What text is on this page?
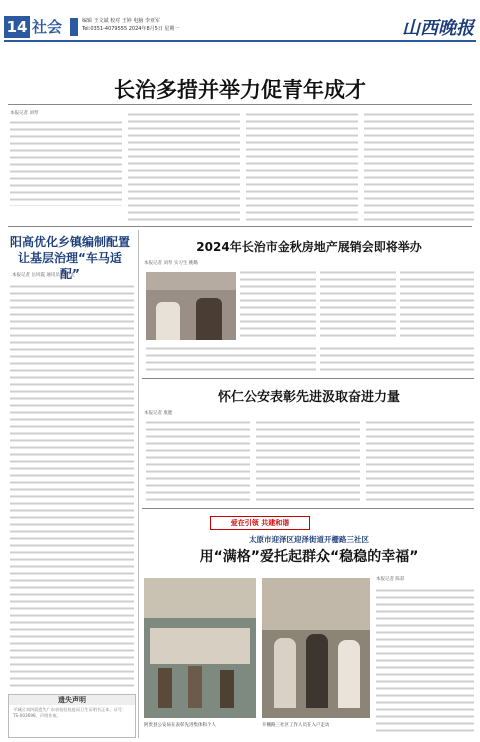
14 社会	编辑 王文斌 校对 王婷 电脑 李亚军
Tel:0351-4079555 2024年8月5日 星期一	山西晚报
长治多措并举力促青年成才
本报记者 刘琴
阳高优化乡镇编制配置
让基层治理“车马适配”
本报记者 岳风霞 通讯员 张世龙
2024年长治市金秋房地产展销会即将举办
本报记者 刘琴 实习生 姚璐
怀仁公安表彰先进汲取奋进力量
本报记者 康健
爱在引领 共建和谐
太原市迎泽区迎泽街道开栅路三社区
用“满格”爱托起群众“稳稳的幸福”
本报记者 陈彩
阿贵县公安局在表彰先进集体和个人	开栅路三社区工作人员在入户走访
遗失声明
平城区刘四爱遗失广东省检验检疫局卫生证明书正本，证号：TS-003698，声明作废。
